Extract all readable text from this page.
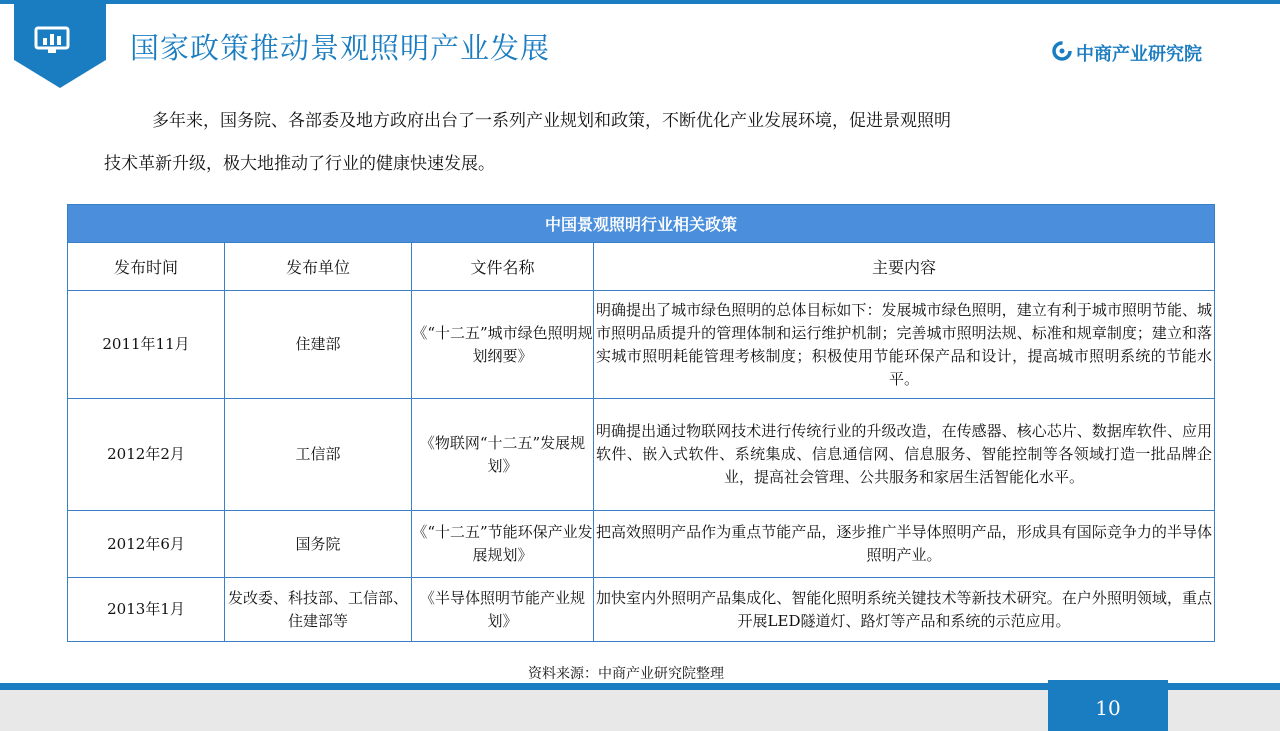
国家政策推动景观照明产业发展	中商产业研究院
多年来，国务院、各部委及地方政府出台了一系列产业规划和政策，不断优化产业发展环境，促进景观照明
技术革新升级，极大地推动了行业的健康快速发展。
中国景观照明行业相关政策			
发布时间	发布单位	文件名称	主要内容
2011年11月	住建部	《“十二五”城市绿色照明规划纲要》	明确提出了城市绿色照明的总体目标如下：发展城市绿色照明，建立有利于城市照明节能、城市照明品质提升的管理体制和运行维护机制；完善城市照明法规、标准和规章制度；建立和落实城市照明耗能管理考核制度；积极使用节能环保产品和设计，提高城市照明系统的节能水平。
2012年2月	工信部	《物联网“十二五”发展规划》	明确提出通过物联网技术进行传统行业的升级改造，在传感器、核心芯片、数据库软件、应用软件、嵌入式软件、系统集成、信息通信网、信息服务、智能控制等各领域打造一批品牌企业，提高社会管理、公共服务和家居生活智能化水平。
2012年6月	国务院	《“十二五”节能环保产业发展规划》	把高效照明产品作为重点节能产品，逐步推广半导体照明产品，形成具有国际竞争力的半导体照明产业。
2013年1月	发改委、科技部、工信部、住建部等	《半导体照明节能产业规划》	加快室内外照明产品集成化、智能化照明系统关键技术等新技术研究。在户外照明领域，重点开展LED隧道灯、路灯等产品和系统的示范应用。
资料来源：中商产业研究院整理
10
